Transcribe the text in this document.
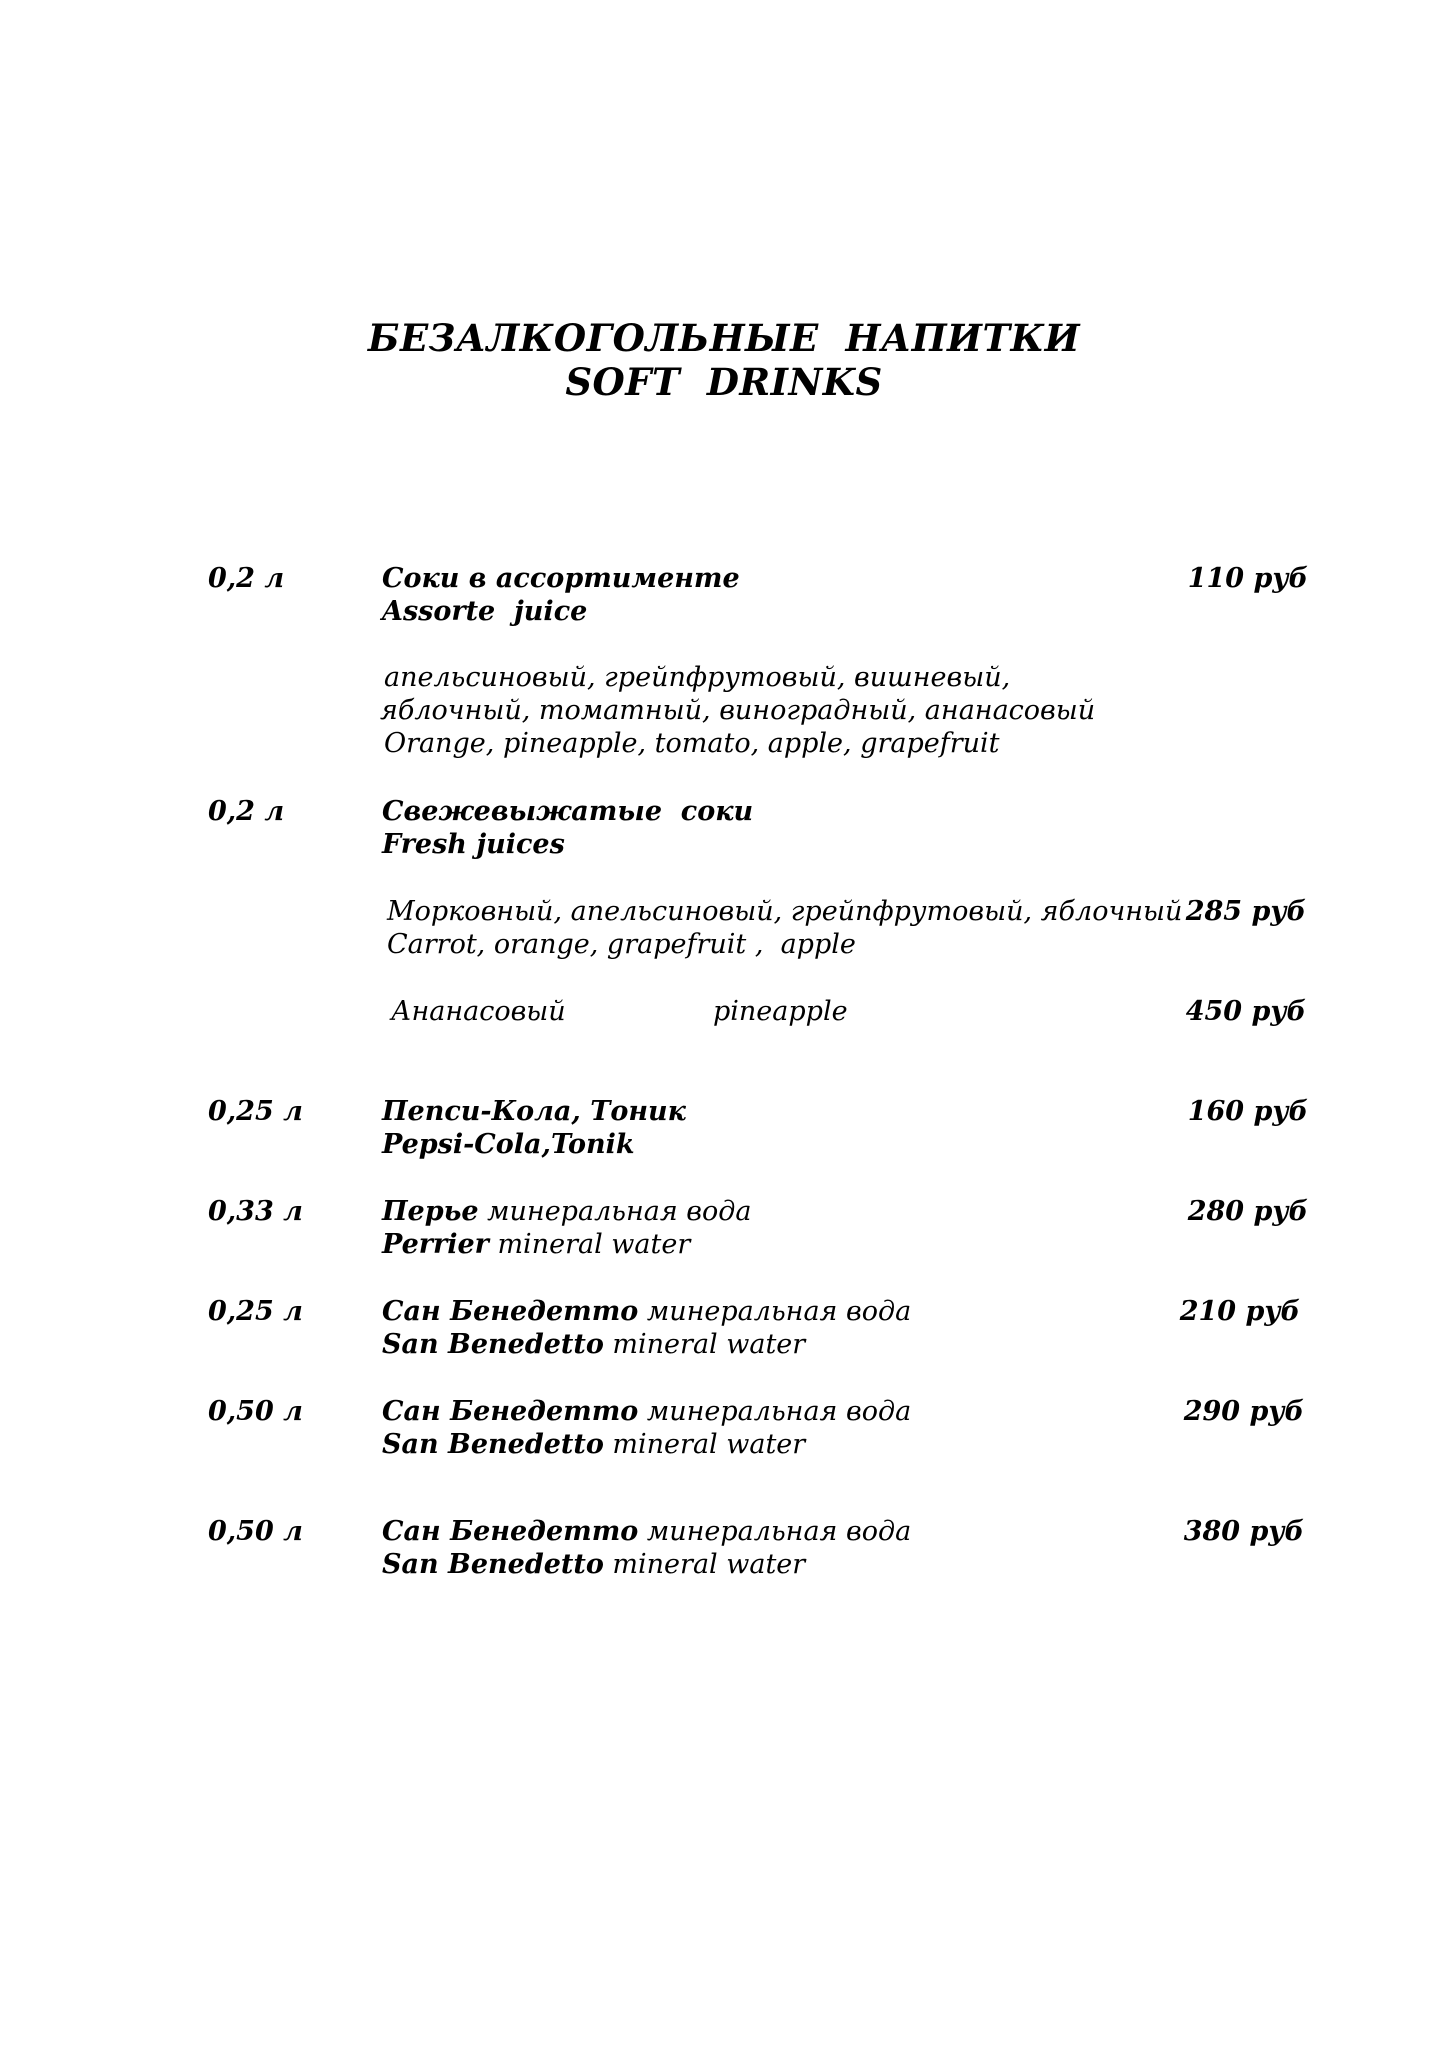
БЕЗАЛКОГОЛЬНЫЕ  НАПИТКИ
SOFT  DRINKS
0,2 л	Соки в ассортименте	110 руб
Assorte  juice
апельсиновый, грейпфрутовый, вишневый,
яблочный, томатный, виноградный, ананасовый
Orange, pineapple, tomato, apple, grapefruit
0,2 л	Свежевыжатые  соки
Fresh juices
Морковный, апельсиновый, грейпфрутовый, яблочный 285 руб
Carrot, orange, grapefruit ,  apple
Ананасовый	pineapple	450 руб
0,25 л	Пепси-Кола, Тоник	160 руб
Pepsi-Cola,Tonik
0,33 л	Перье минеральная вода	280 руб
Perrier mineral water
0,25 л	Сан Бенедетто минеральная вода	210 руб
San Benedetto mineral water
0,50 л	Сан Бенедетто минеральная вода	290 руб
San Benedetto mineral water
0,50 л	Сан Бенедетто минеральная вода	380 руб
San Benedetto mineral water
